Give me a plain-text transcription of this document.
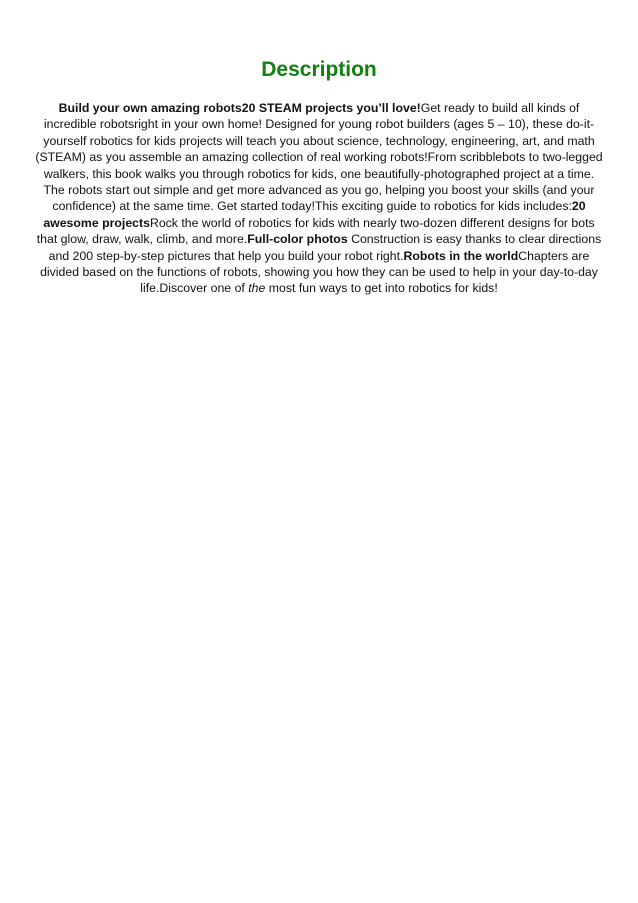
Description
Build your own amazing robots20 STEAM projects you’ll love!Get ready to build all kinds of incredible robotsright in your own home! Designed for young robot builders (ages 5 – 10), these do-it-yourself robotics for kids projects will teach you about science, technology, engineering, art, and math (STEAM) as you assemble an amazing collection of real working robots!From scribblebots to two-legged walkers, this book walks you through robotics for kids, one beautifully-photographed project at a time. The robots start out simple and get more advanced as you go, helping you boost your skills (and your confidence) at the same time. Get started today!This exciting guide to robotics for kids includes:20 awesome projectsRock the world of robotics for kids with nearly two-dozen different designs for bots that glow, draw, walk, climb, and more.Full-color photos Construction is easy thanks to clear directions and 200 step-by-step pictures that help you build your robot right.Robots in the worldChapters are divided based on the functions of robots, showing you how they can be used to help in your day-to-day life.Discover one of the most fun ways to get into robotics for kids!
